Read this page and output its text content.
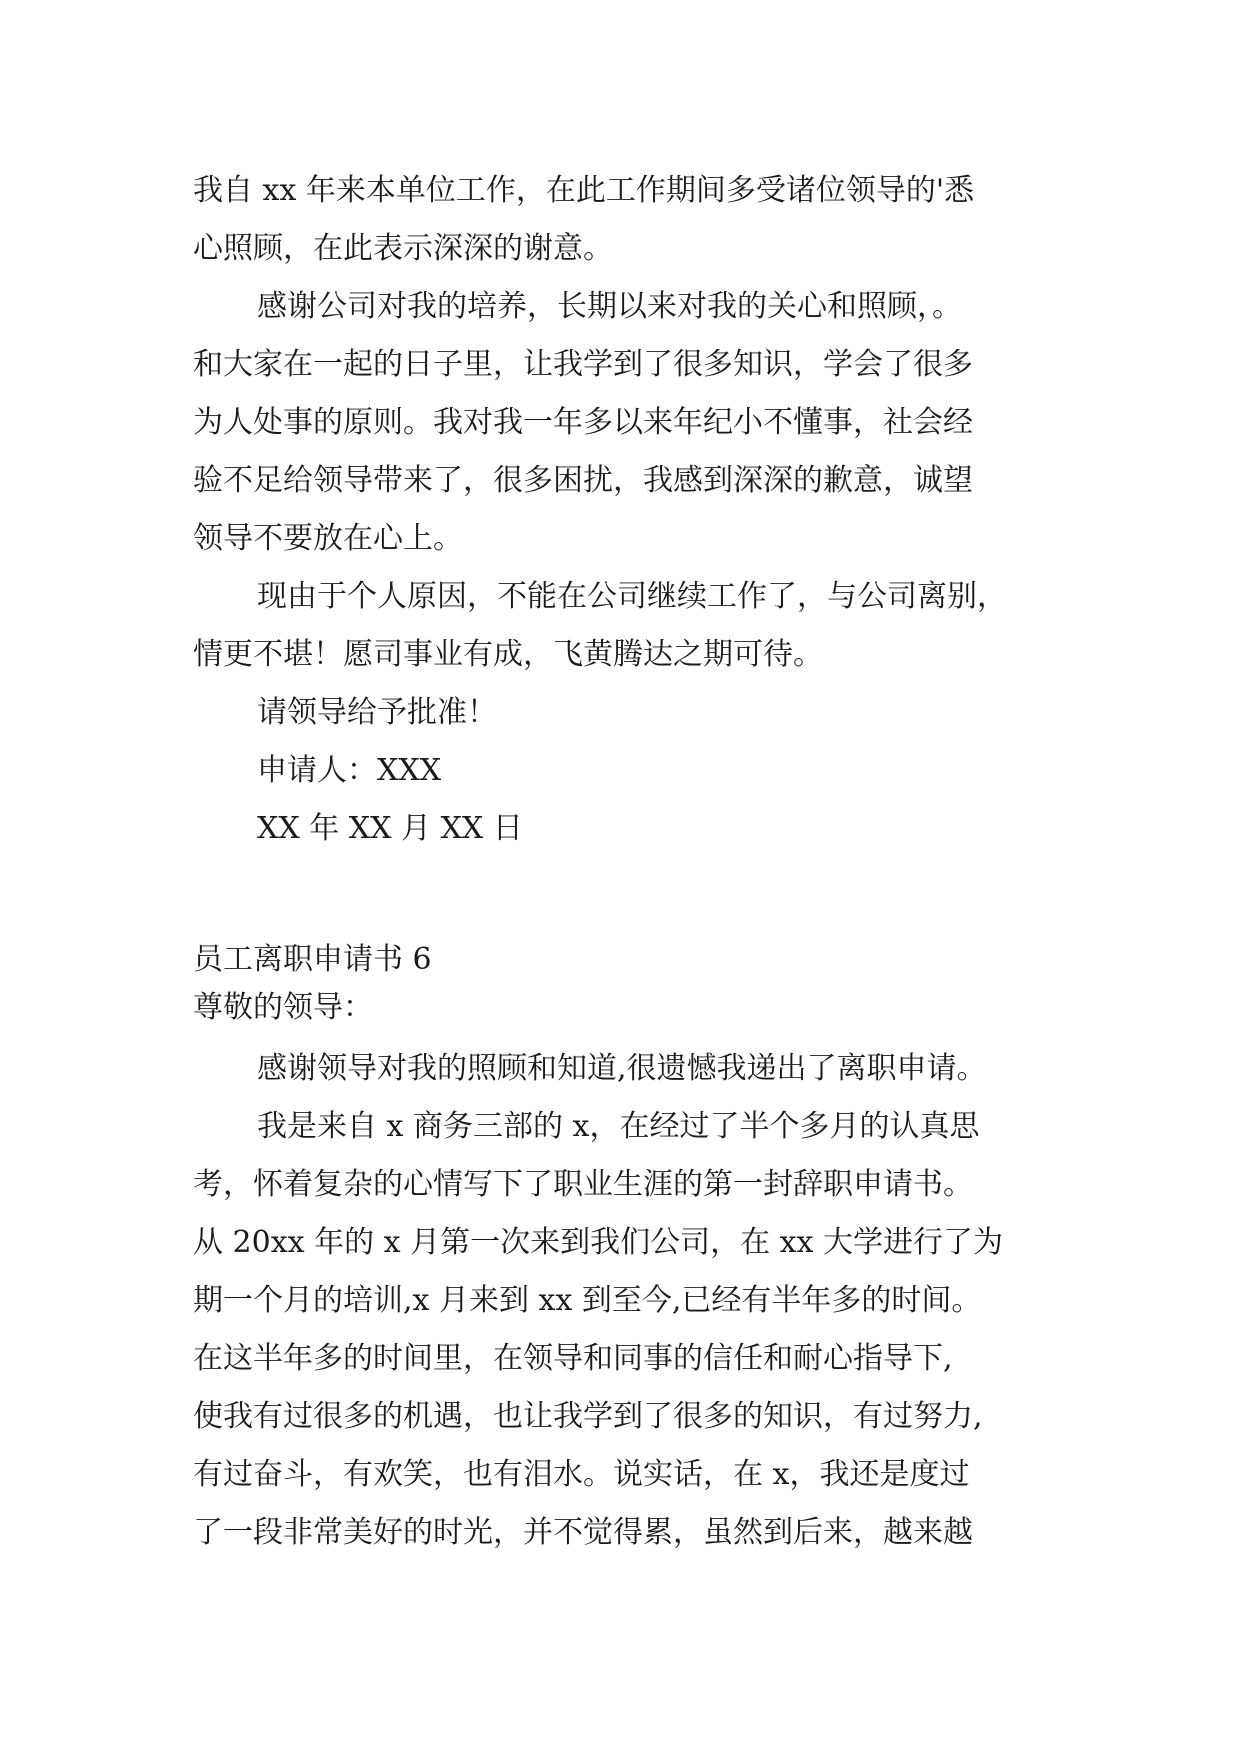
我自 xx 年来本单位工作，在此工作期间多受诸位领导的'悉
心照顾，在此表示深深的谢意。
感谢公司对我的培养，长期以来对我的关心和照顾，。
和大家在一起的日子里，让我学到了很多知识，学会了很多
为人处事的原则。我对我一年多以来年纪小不懂事，社会经
验不足给领导带来了，很多困扰，我感到深深的歉意，诚望
领导不要放在心上。
现由于个人原因，不能在公司继续工作了，与公司离别，
情更不堪！愿司事业有成，飞黄腾达之期可待。
请领导给予批准！
申请人：XXX
XX 年 XX 月 XX 日
员工离职申请书 6
尊敬的领导：
感谢领导对我的照顾和知道,很遗憾我递出了离职申请。
我是来自 x 商务三部的 x，在经过了半个多月的认真思
考，怀着复杂的心情写下了职业生涯的第一封辞职申请书。
从 20xx 年的 x 月第一次来到我们公司，在 xx 大学进行了为
期一个月的培训,x 月来到 xx 到至今,已经有半年多的时间。
在这半年多的时间里，在领导和同事的信任和耐心指导下,
使我有过很多的机遇，也让我学到了很多的知识，有过努力,
有过奋斗，有欢笑，也有泪水。说实话，在 x，我还是度过
了一段非常美好的时光，并不觉得累，虽然到后来，越来越
